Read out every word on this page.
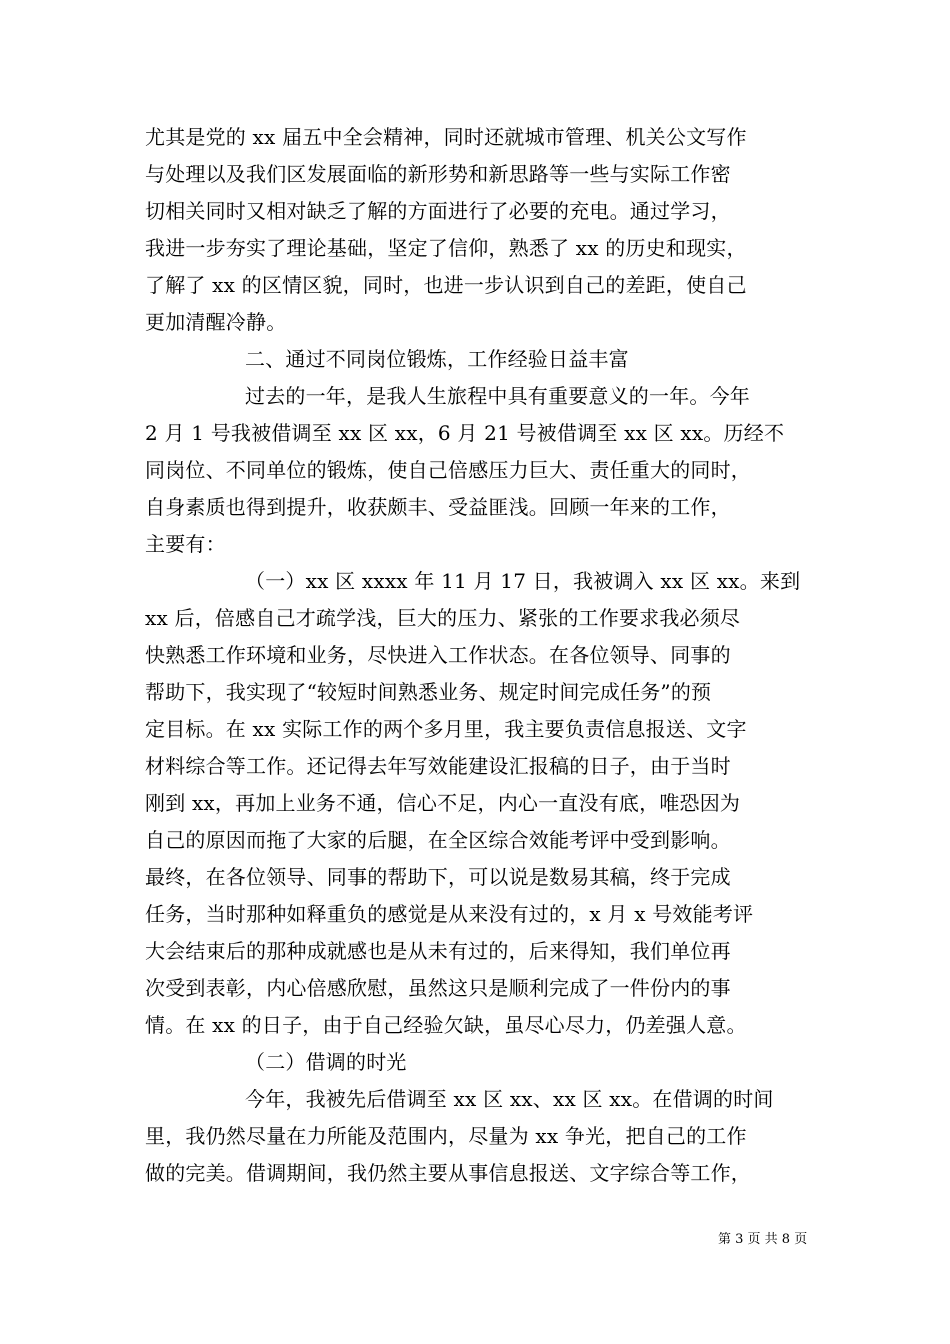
尤其是党的 xx 届五中全会精神，同时还就城市管理、机关公文写作
与处理以及我们区发展面临的新形势和新思路等一些与实际工作密
切相关同时又相对缺乏了解的方面进行了必要的充电。通过学习，
我进一步夯实了理论基础，坚定了信仰，熟悉了 xx 的历史和现实，
了解了 xx 的区情区貌，同时，也进一步认识到自己的差距，使自己
更加清醒冷静。
二、通过不同岗位锻炼，工作经验日益丰富
过去的一年，是我人生旅程中具有重要意义的一年。今年
2 月 1 号我被借调至 xx 区 xx，6 月 21 号被借调至 xx 区 xx。历经不
同岗位、不同单位的锻炼，使自己倍感压力巨大、责任重大的同时，
自身素质也得到提升，收获颇丰、受益匪浅。回顾一年来的工作，
主要有：
（一）xx 区 xxxx 年 11 月 17 日，我被调入 xx 区 xx。来到
xx 后，倍感自己才疏学浅，巨大的压力、紧张的工作要求我必须尽
快熟悉工作环境和业务，尽快进入工作状态。在各位领导、同事的
帮助下，我实现了“较短时间熟悉业务、规定时间完成任务”的预
定目标。在 xx 实际工作的两个多月里，我主要负责信息报送、文字
材料综合等工作。还记得去年写效能建设汇报稿的日子，由于当时
刚到 xx，再加上业务不通，信心不足，内心一直没有底，唯恐因为
自己的原因而拖了大家的后腿，在全区综合效能考评中受到影响。
最终，在各位领导、同事的帮助下，可以说是数易其稿，终于完成
任务，当时那种如释重负的感觉是从来没有过的，x 月 x 号效能考评
大会结束后的那种成就感也是从未有过的，后来得知，我们单位再
次受到表彰，内心倍感欣慰，虽然这只是顺利完成了一件份内的事
情。在 xx 的日子，由于自己经验欠缺，虽尽心尽力，仍差强人意。
（二）借调的时光
今年，我被先后借调至 xx 区 xx、xx 区 xx。在借调的时间
里，我仍然尽量在力所能及范围内，尽量为 xx 争光，把自己的工作
做的完美。借调期间，我仍然主要从事信息报送、文字综合等工作，
第 3 页 共 8 页
